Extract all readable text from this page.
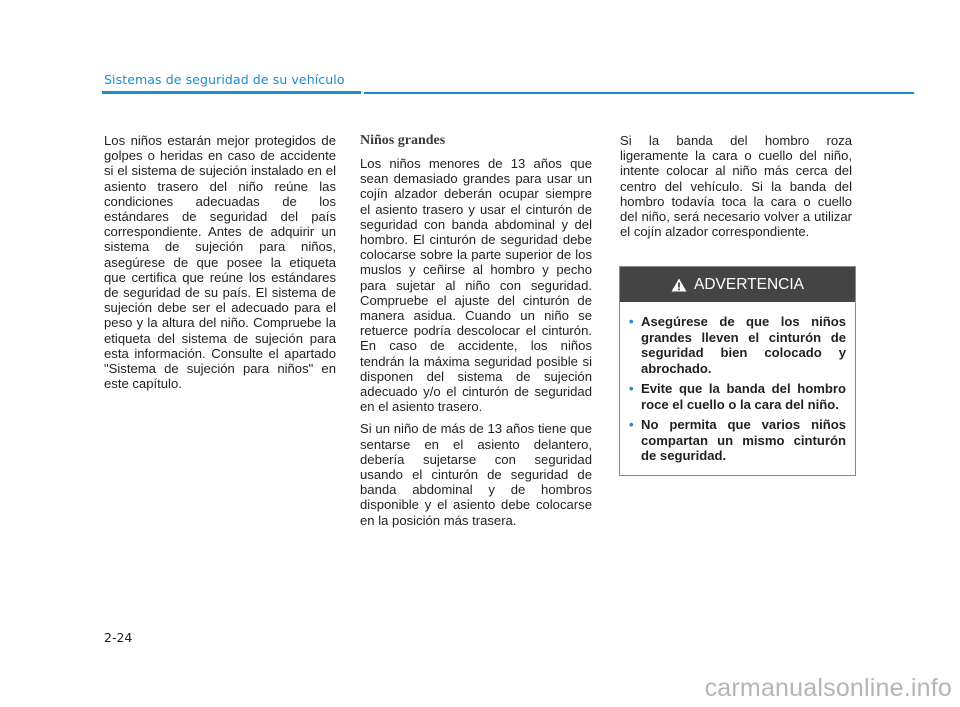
Sistemas de seguridad de su vehículo

Los niños estarán mejor protegidos de golpes o heridas en caso de accidente si el sistema de sujeción instalado en el asiento trasero del niño reúne las condiciones adecuadas de los estándares de seguridad del país correspondiente. Antes de adquirir un sistema de sujeción para niños, asegúrese de que posee la etiqueta que certifica que reúne los estándares de seguridad de su país. El sistema de sujeción debe ser el adecuado para el peso y la altura del niño. Compruebe la etiqueta del sistema de sujeción para esta información. Consulte el apartado "Sistema de sujeción para niños" en este capítulo.

Niños grandes

Los niños menores de 13 años que sean demasiado grandes para usar un cojín alzador deberán ocupar siempre el asiento trasero y usar el cinturón de seguridad con banda abdominal y del hombro. El cinturón de seguridad debe colocarse sobre la parte superior de los muslos y ceñirse al hombro y pecho para sujetar al niño con seguridad. Compruebe el ajuste del cinturón de manera asidua. Cuando un niño se retuerce podría descolocar el cinturón. En caso de accidente, los niños tendrán la máxima seguridad posible si disponen del sistema de sujeción adecuado y/o el cinturón de seguridad en el asiento trasero.

Si un niño de más de 13 años tiene que sentarse en el asiento delantero, debería sujetarse con seguridad usando el cinturón de seguridad de banda abdominal y de hombros disponible y el asiento debe colocarse en la posición más trasera.

Si la banda del hombro roza ligeramente la cara o cuello del niño, intente colocar al niño más cerca del centro del vehículo. Si la banda del hombro todavía toca la cara o cuello del niño, será necesario volver a utilizar el cojín alzador correspondiente.

ADVERTENCIA
• Asegúrese de que los niños grandes lleven el cinturón de seguridad bien colocado y abrochado.
• Evite que la banda del hombro roce el cuello o la cara del niño.
• No permita que varios niños compartan un mismo cinturón de seguridad.
2-24
carmanualsonline.info
